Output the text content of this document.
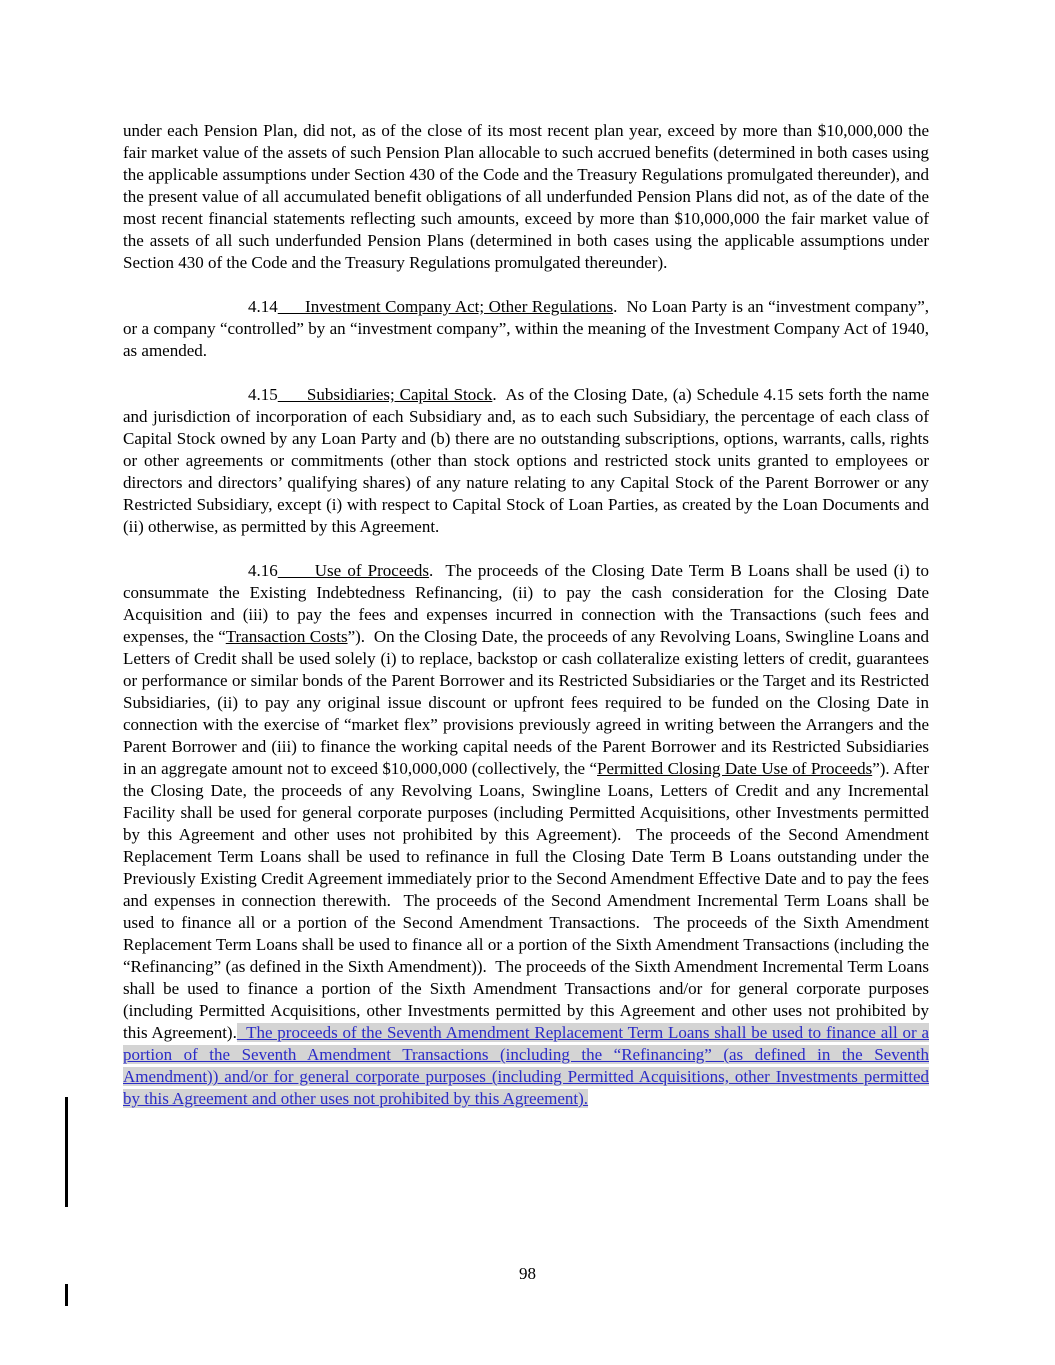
under each Pension Plan, did not, as of the close of its most recent plan year, exceed by more than $10,000,000 the fair market value of the assets of such Pension Plan allocable to such accrued benefits (determined in both cases using the applicable assumptions under Section 430 of the Code and the Treasury Regulations promulgated thereunder), and the present value of all accumulated benefit obligations of all underfunded Pension Plans did not, as of the date of the most recent financial statements reflecting such amounts, exceed by more than $10,000,000 the fair market value of the assets of all such underfunded Pension Plans (determined in both cases using the applicable assumptions under Section 430 of the Code and the Treasury Regulations promulgated thereunder).

4.14      Investment Company Act; Other Regulations.  No Loan Party is an “investment company”, or a company “controlled” by an “investment company”, within the meaning of the Investment Company Act of 1940, as amended.

4.15      Subsidiaries; Capital Stock.  As of the Closing Date, (a) Schedule 4.15 sets forth the name and jurisdiction of incorporation of each Subsidiary and, as to each such Subsidiary, the percentage of each class of Capital Stock owned by any Loan Party and (b) there are no outstanding subscriptions, options, warrants, calls, rights or other agreements or commitments (other than stock options and restricted stock units granted to employees or directors and directors’ qualifying shares) of any nature relating to any Capital Stock of the Parent Borrower or any Restricted Subsidiary, except (i) with respect to Capital Stock of Loan Parties, as created by the Loan Documents and (ii) otherwise, as permitted by this Agreement.

4.16      Use of Proceeds.  The proceeds of the Closing Date Term B Loans shall be used (i) to consummate the Existing Indebtedness Refinancing, (ii) to pay the cash consideration for the Closing Date Acquisition and (iii) to pay the fees and expenses incurred in connection with the Transactions (such fees and expenses, the “Transaction Costs”).  On the Closing Date, the proceeds of any Revolving Loans, Swingline Loans and Letters of Credit shall be used solely (i) to replace, backstop or cash collateralize existing letters of credit, guarantees or performance or similar bonds of the Parent Borrower and its Restricted Subsidiaries or the Target and its Restricted Subsidiaries, (ii) to pay any original issue discount or upfront fees required to be funded on the Closing Date in connection with the exercise of “market flex” provisions previously agreed in writing between the Arrangers and the Parent Borrower and (iii) to finance the working capital needs of the Parent Borrower and its Restricted Subsidiaries in an aggregate amount not to exceed $10,000,000 (collectively, the “Permitted Closing Date Use of Proceeds”). After the Closing Date, the proceeds of any Revolving Loans, Swingline Loans, Letters of Credit and any Incremental Facility shall be used for general corporate purposes (including Permitted Acquisitions, other Investments permitted by this Agreement and other uses not prohibited by this Agreement).  The proceeds of the Second Amendment Replacement Term Loans shall be used to refinance in full the Closing Date Term B Loans outstanding under the Previously Existing Credit Agreement immediately prior to the Second Amendment Effective Date and to pay the fees and expenses in connection therewith.  The proceeds of the Second Amendment Incremental Term Loans shall be used to finance all or a portion of the Second Amendment Transactions.  The proceeds of the Sixth Amendment Replacement Term Loans shall be used to finance all or a portion of the Sixth Amendment Transactions (including the “Refinancing” (as defined in the Sixth Amendment)).  The proceeds of the Sixth Amendment Incremental Term Loans shall be used to finance a portion of the Sixth Amendment Transactions and/or for general corporate purposes (including Permitted Acquisitions, other Investments permitted by this Agreement and other uses not prohibited by this Agreement).  The proceeds of the Seventh Amendment Replacement Term Loans shall be used to finance all or a portion of the Seventh Amendment Transactions (including the “Refinancing” (as defined in the Seventh Amendment)) and/or for general corporate purposes (including Permitted Acquisitions, other Investments permitted by this Agreement and other uses not prohibited by this Agreement).

98
